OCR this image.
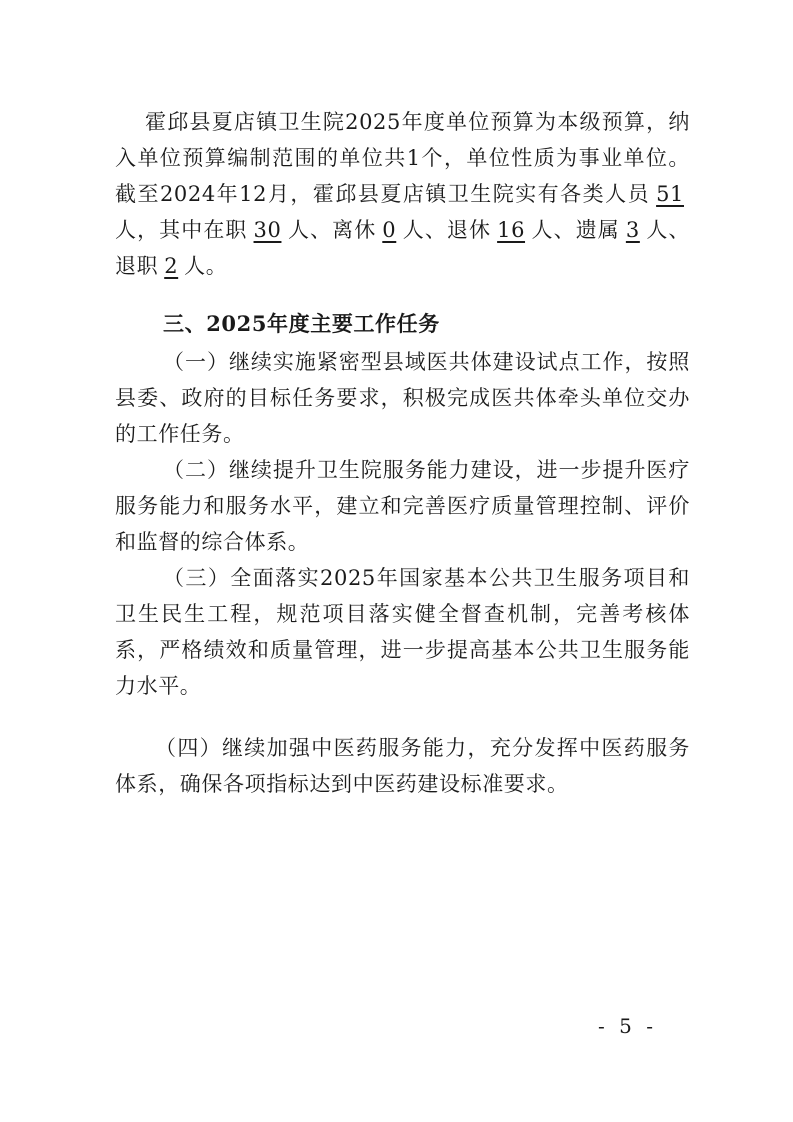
霍邱县夏店镇卫生院2025年度单位预算为本级预算，纳入单位预算编制范围的单位共1个，单位性质为事业单位。截至2024年12月，霍邱县夏店镇卫生院实有各类人员 51人，其中在职 30 人、离休 0 人、退休 16 人、遗属 3 人、退职 2 人。

三、2025年度主要工作任务

（一）继续实施紧密型县域医共体建设试点工作，按照县委、政府的目标任务要求，积极完成医共体牵头单位交办的工作任务。

（二）继续提升卫生院服务能力建设，进一步提升医疗服务能力和服务水平，建立和完善医疗质量管理控制、评价和监督的综合体系。

（三）全面落实2025年国家基本公共卫生服务项目和卫生民生工程，规范项目落实健全督查机制，完善考核体系，严格绩效和质量管理，进一步提高基本公共卫生服务能力水平。

（四）继续加强中医药服务能力，充分发挥中医药服务体系，确保各项指标达到中医药建设标准要求。

- 5 -
